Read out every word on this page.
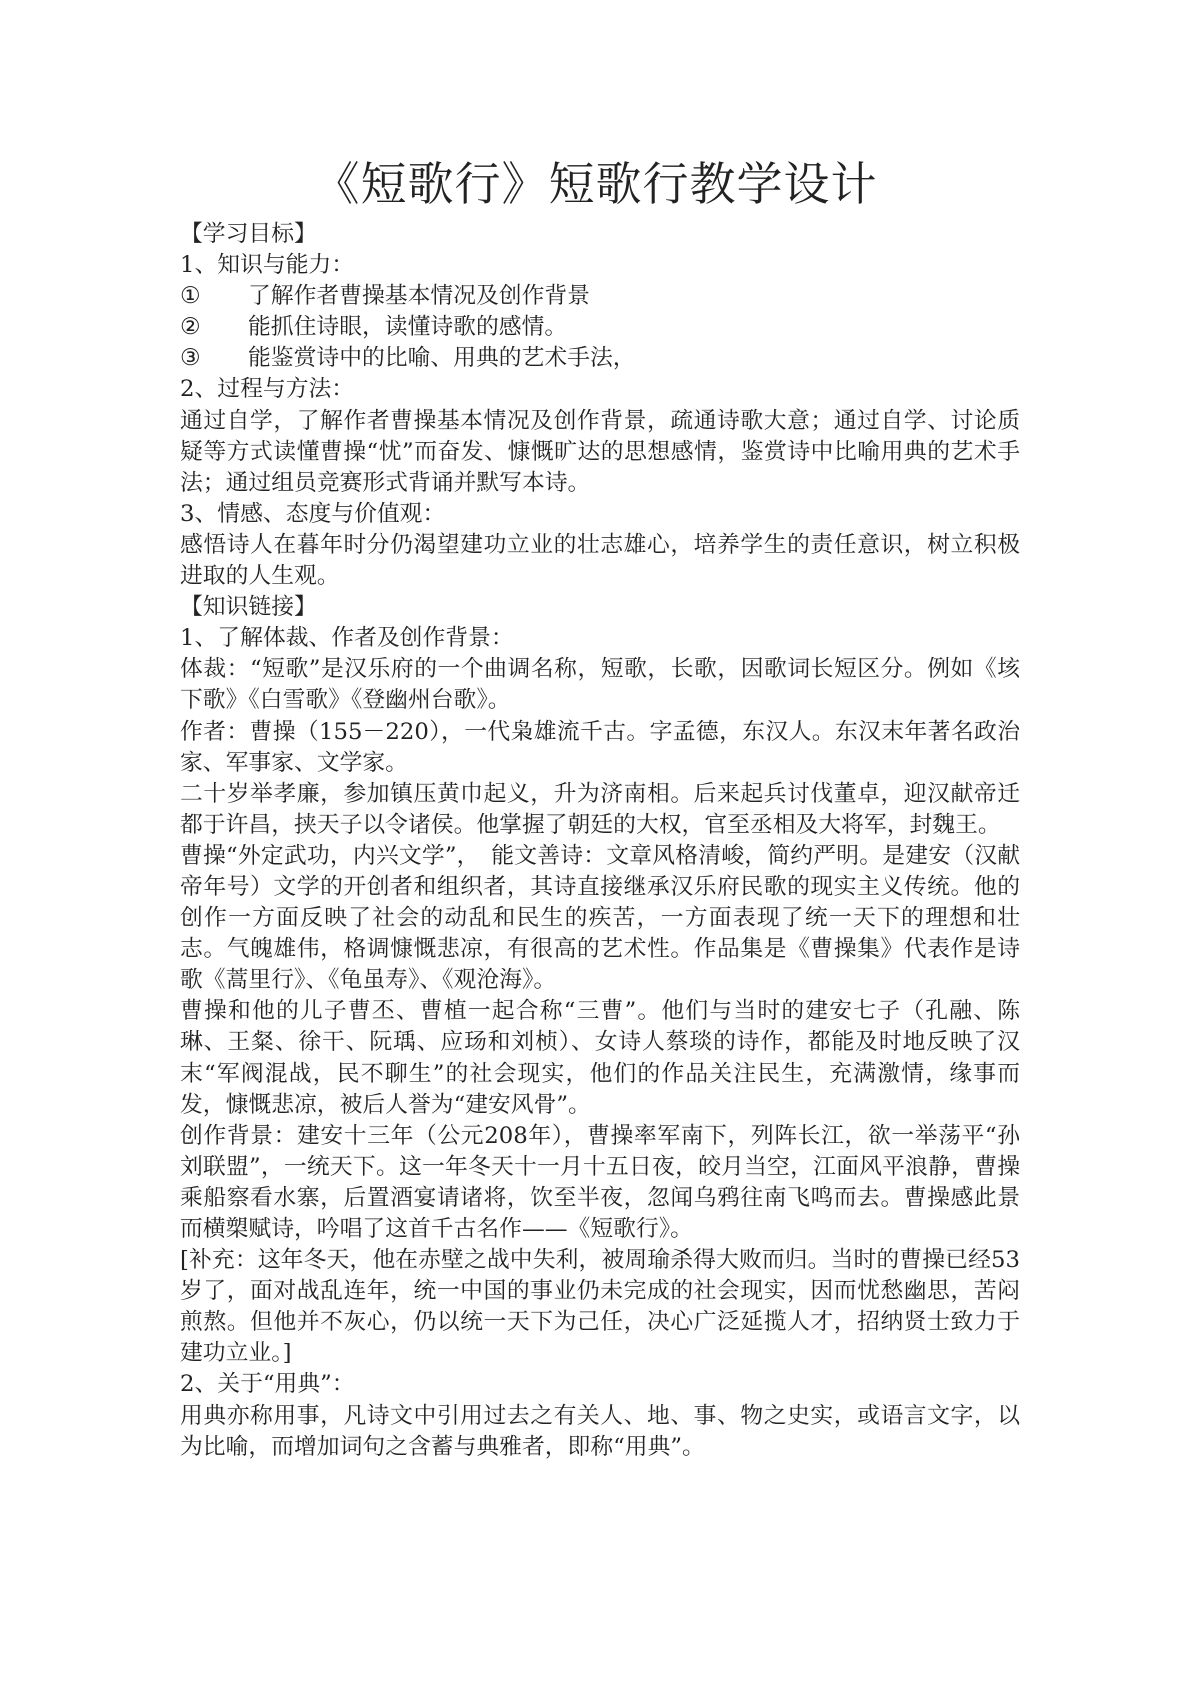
《短歌行》短歌行教学设计
【学习目标】
1、知识与能力：
①	了解作者曹操基本情况及创作背景
②	能抓住诗眼，读懂诗歌的感情。
③	能鉴赏诗中的比喻、用典的艺术手法，
2、过程与方法：
通过自学，了解作者曹操基本情况及创作背景，疏通诗歌大意；通过自学、讨论质疑等方式读懂曹操“忧”而奋发、慷慨旷达的思想感情，鉴赏诗中比喻用典的艺术手法；通过组员竞赛形式背诵并默写本诗。
3、情感、态度与价值观：
感悟诗人在暮年时分仍渴望建功立业的壮志雄心，培养学生的责任意识，树立积极进取的人生观。
【知识链接】
1、了解体裁、作者及创作背景：
体裁：“短歌”是汉乐府的一个曲调名称，短歌，长歌，因歌词长短区分。例如《垓下歌》《白雪歌》《登幽州台歌》。
作者：曹操（155－220），一代枭雄流千古。字孟德，东汉人。东汉末年著名政治家、军事家、文学家。
二十岁举孝廉，参加镇压黄巾起义，升为济南相。后来起兵讨伐董卓，迎汉献帝迁都于许昌，挟天子以令诸侯。他掌握了朝廷的大权，官至丞相及大将军，封魏王。
曹操“外定武功，内兴文学”，　能文善诗：文章风格清峻，简约严明。是建安（汉献帝年号）文学的开创者和组织者，其诗直接继承汉乐府民歌的现实主义传统。他的创作一方面反映了社会的动乱和民生的疾苦，一方面表现了统一天下的理想和壮志。气魄雄伟，格调慷慨悲凉，有很高的艺术性。作品集是《曹操集》代表作是诗歌《蒿里行》、《龟虽寿》、《观沧海》。
曹操和他的儿子曹丕、曹植一起合称“三曹”。他们与当时的建安七子（孔融、陈琳、王粲、徐干、阮瑀、应玚和刘桢）、女诗人蔡琰的诗作，都能及时地反映了汉末“军阀混战，民不聊生”的社会现实，他们的作品关注民生，充满激情，缘事而发，慷慨悲凉，被后人誉为“建安风骨”。
创作背景：建安十三年（公元208年），曹操率军南下，列阵长江，欲一举荡平“孙刘联盟”，一统天下。这一年冬天十一月十五日夜，皎月当空，江面风平浪静，曹操乘船察看水寨，后置酒宴请诸将，饮至半夜，忽闻乌鸦往南飞鸣而去。曹操感此景而横槊赋诗，吟唱了这首千古名作——《短歌行》。
[补充：这年冬天，他在赤壁之战中失利，被周瑜杀得大败而归。当时的曹操已经53岁了，面对战乱连年，统一中国的事业仍未完成的社会现实，因而忧愁幽思，苦闷煎熬。但他并不灰心，仍以统一天下为己任，决心广泛延揽人才，招纳贤士致力于建功立业。]
2、关于“用典”：
用典亦称用事，凡诗文中引用过去之有关人、地、事、物之史实，或语言文字，以为比喻，而增加词句之含蓄与典雅者，即称“用典”。
